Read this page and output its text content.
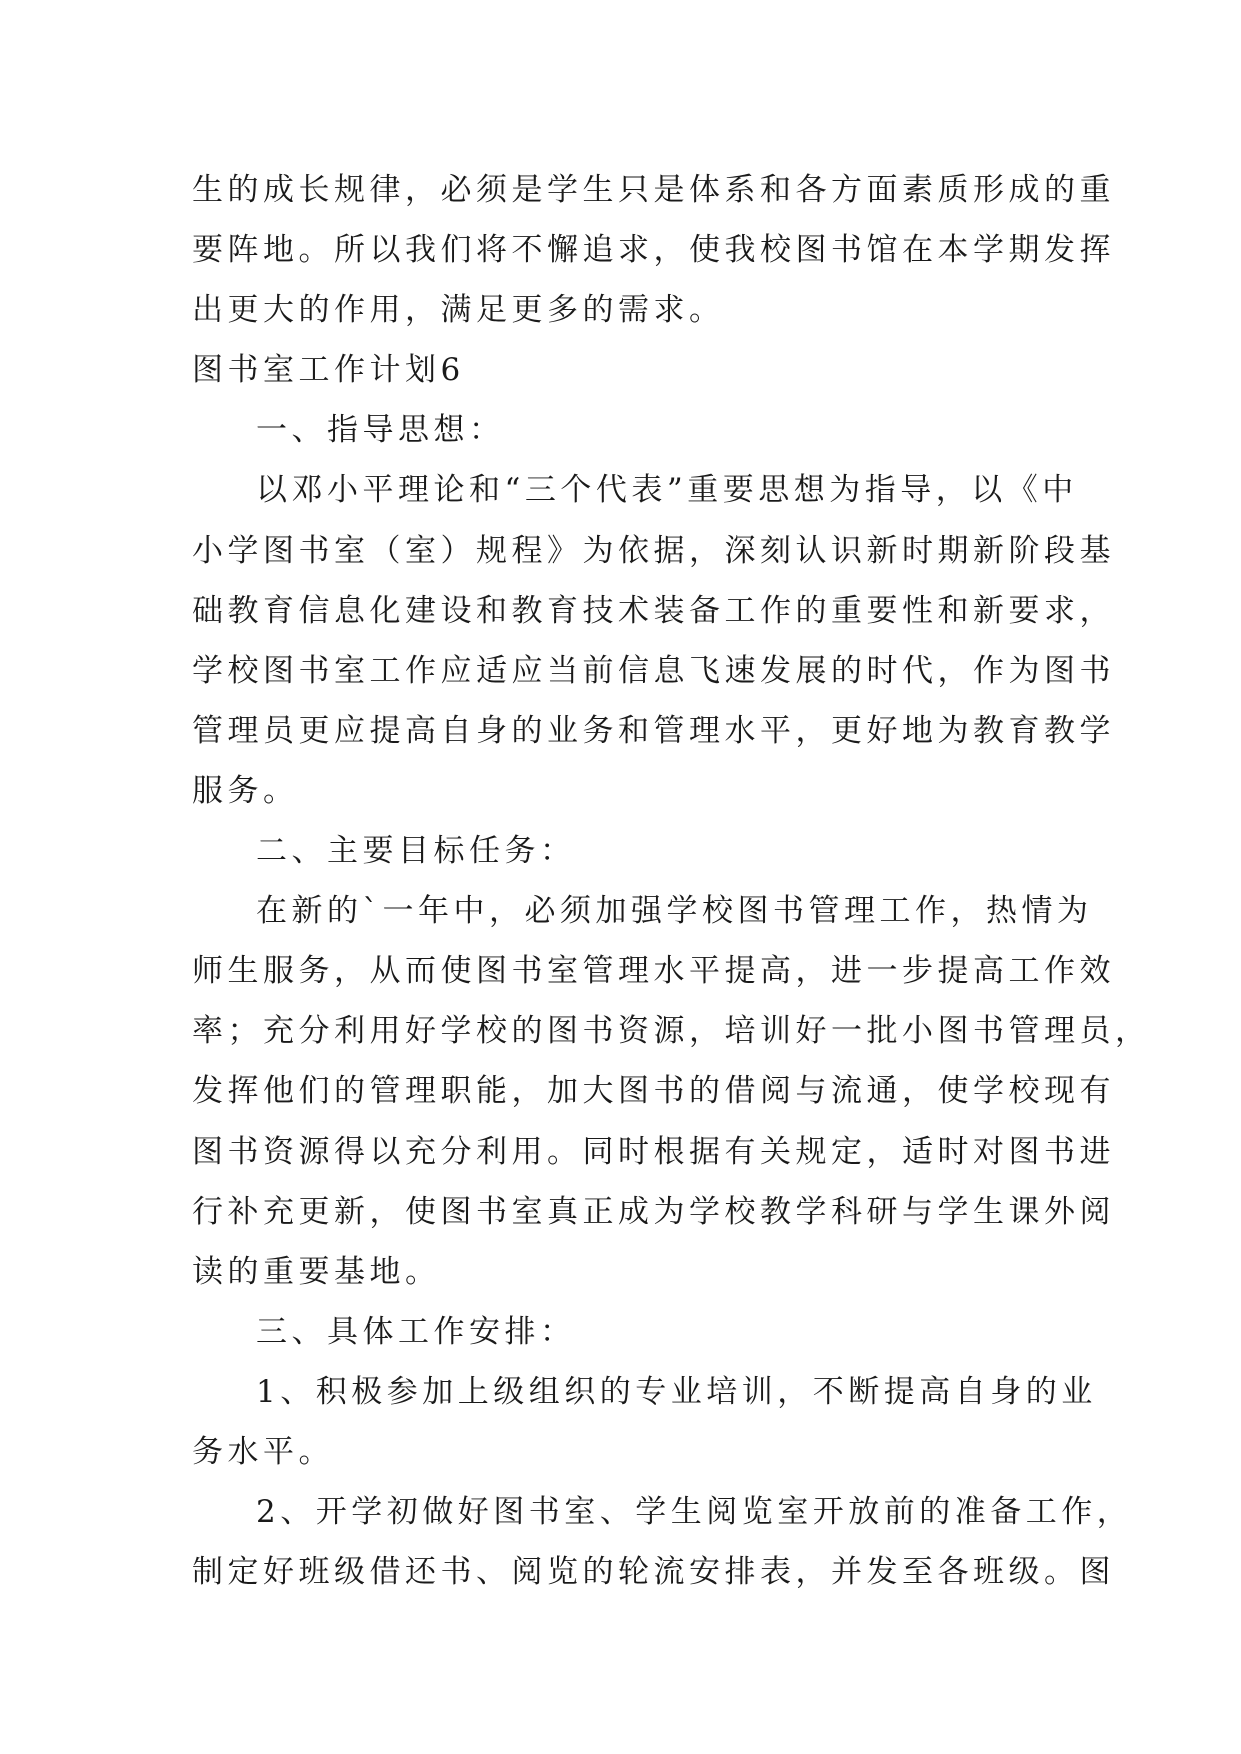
生的成长规律，必须是学生只是体系和各方面素质形成的重
要阵地。所以我们将不懈追求，使我校图书馆在本学期发挥
出更大的作用，满足更多的需求。
图书室工作计划6
一、指导思想：
以邓小平理论和“三个代表”重要思想为指导，以《中
小学图书室（室）规程》为依据，深刻认识新时期新阶段基
础教育信息化建设和教育技术装备工作的重要性和新要求，
学校图书室工作应适应当前信息飞速发展的时代，作为图书
管理员更应提高自身的业务和管理水平，更好地为教育教学
服务。
二、主要目标任务：
在新的`一年中，必须加强学校图书管理工作，热情为
师生服务，从而使图书室管理水平提高，进一步提高工作效
率；充分利用好学校的图书资源，培训好一批小图书管理员，
发挥他们的管理职能，加大图书的借阅与流通，使学校现有
图书资源得以充分利用。同时根据有关规定，适时对图书进
行补充更新，使图书室真正成为学校教学科研与学生课外阅
读的重要基地。
三、具体工作安排：
1、积极参加上级组织的专业培训，不断提高自身的业
务水平。
2、开学初做好图书室、学生阅览室开放前的准备工作，
制定好班级借还书、阅览的轮流安排表，并发至各班级。图
